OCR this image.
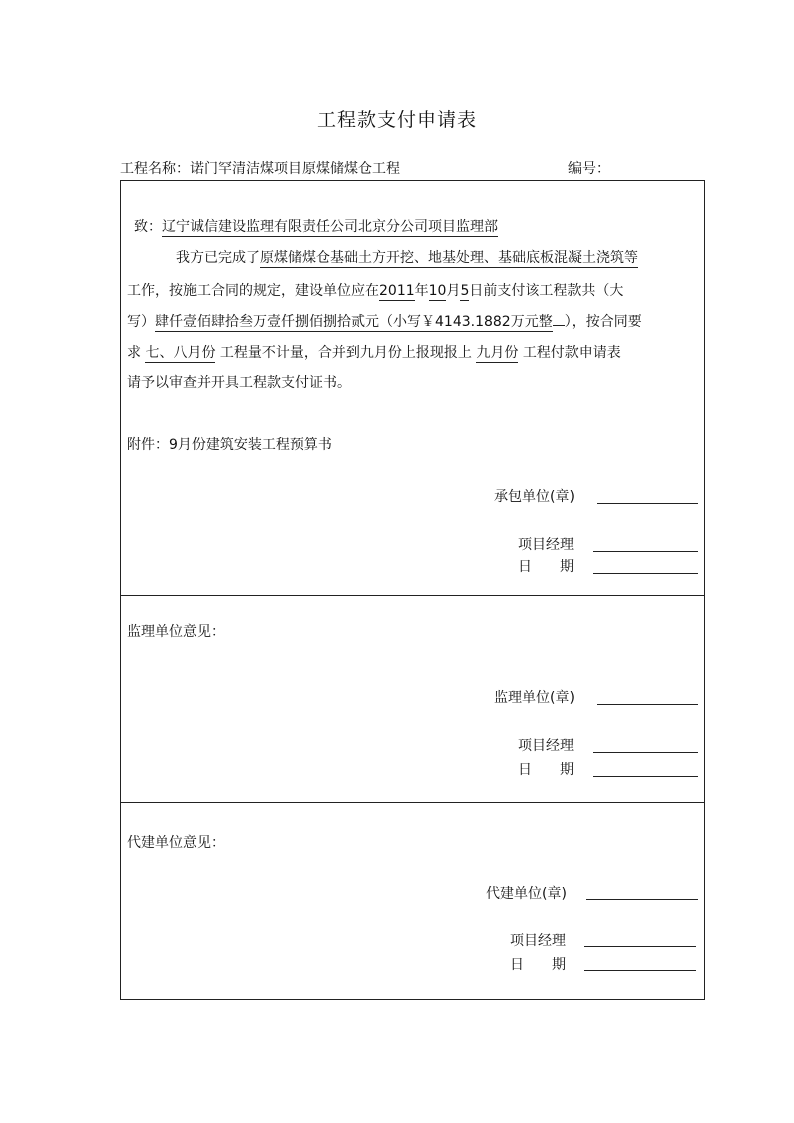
工程款支付申请表
工程名称：诺门罕清洁煤项目原煤储煤仓工程	编号：
致：辽宁诚信建设监理有限责任公司北京分公司项目监理部
我方已完成了原煤储煤仓基础土方开挖、地基处理、基础底板混凝土浇筑等
工作，按施工合同的规定，建设单位应在2011年10月5日前支付该工程款共（大
写）肆仟壹佰肆拾叁万壹仟捌佰捌拾贰元（小写￥4143.1882万元整 ），按合同要
求 七、八月份 工程量不计量，合并到九月份上报现报上 九月份 工程付款申请表
请予以审查并开具工程款支付证书。
附件：9月份建筑安装工程预算书
承包单位(章)
项目经理
日　　期
监理单位意见：
监理单位(章)
项目经理
日　　期
代建单位意见：
代建单位(章)
项目经理
日　　期
